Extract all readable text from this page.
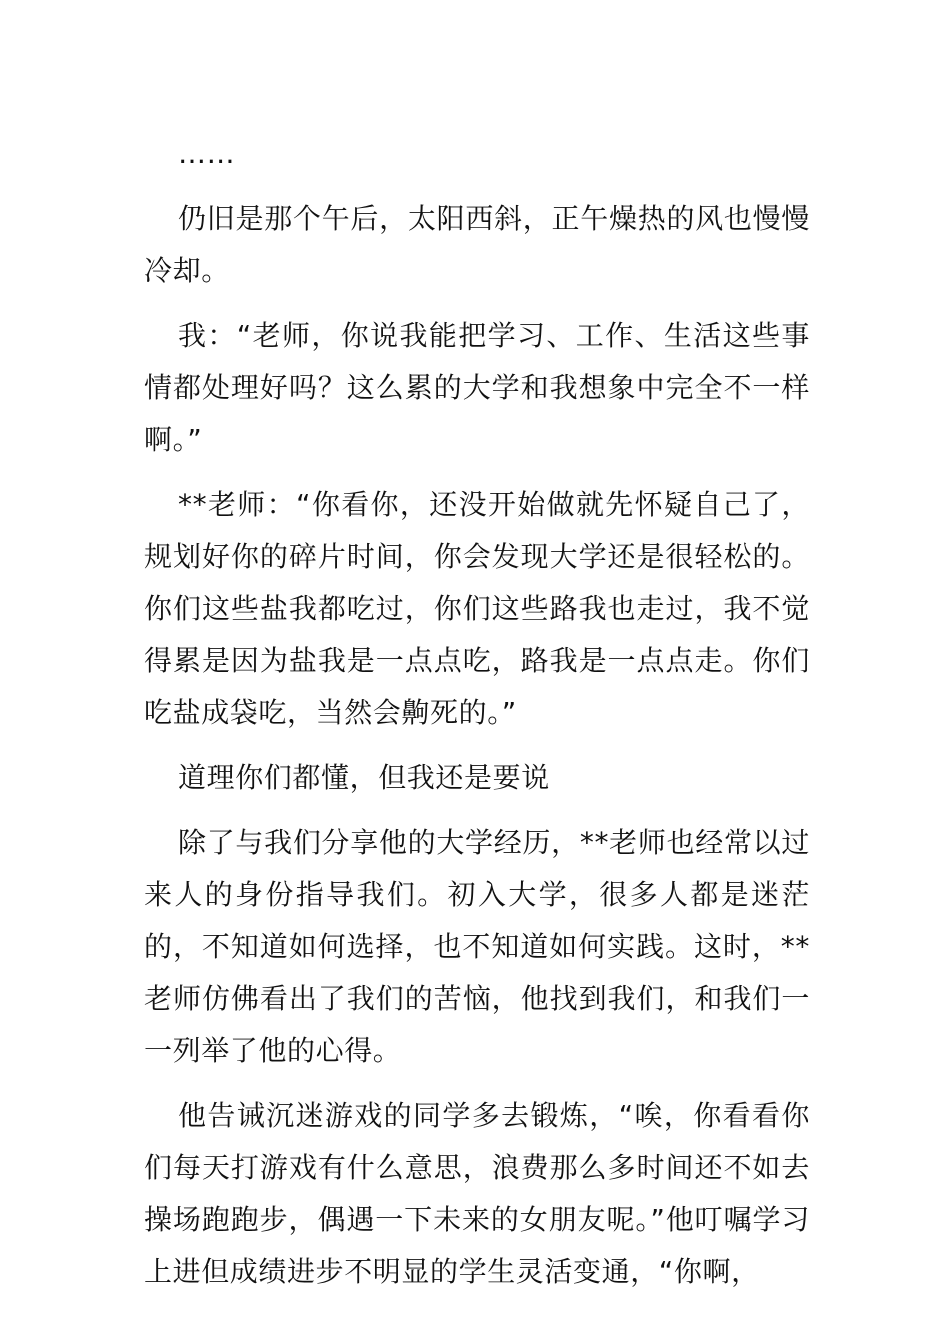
……

仍旧是那个午后，太阳西斜，正午燥热的风也慢慢冷却。

我：“老师，你说我能把学习、工作、生活这些事情都处理好吗？这么累的大学和我想象中完全不一样啊。”

**老师：“你看你，还没开始做就先怀疑自己了，规划好你的碎片时间，你会发现大学还是很轻松的。你们这些盐我都吃过，你们这些路我也走过，我不觉得累是因为盐我是一点点吃，路我是一点点走。你们吃盐成袋吃，当然会齁死的。”

道理你们都懂，但我还是要说

除了与我们分享他的大学经历，**老师也经常以过来人的身份指导我们。初入大学，很多人都是迷茫的，不知道如何选择，也不知道如何实践。这时，**老师仿佛看出了我们的苦恼，他找到我们，和我们一一列举了他的心得。

他告诫沉迷游戏的同学多去锻炼，“唉，你看看你们每天打游戏有什么意思，浪费那么多时间还不如去操场跑跑步，偶遇一下未来的女朋友呢。”他叮嘱学习上进但成绩进步不明显的学生灵活变通，“你啊，
